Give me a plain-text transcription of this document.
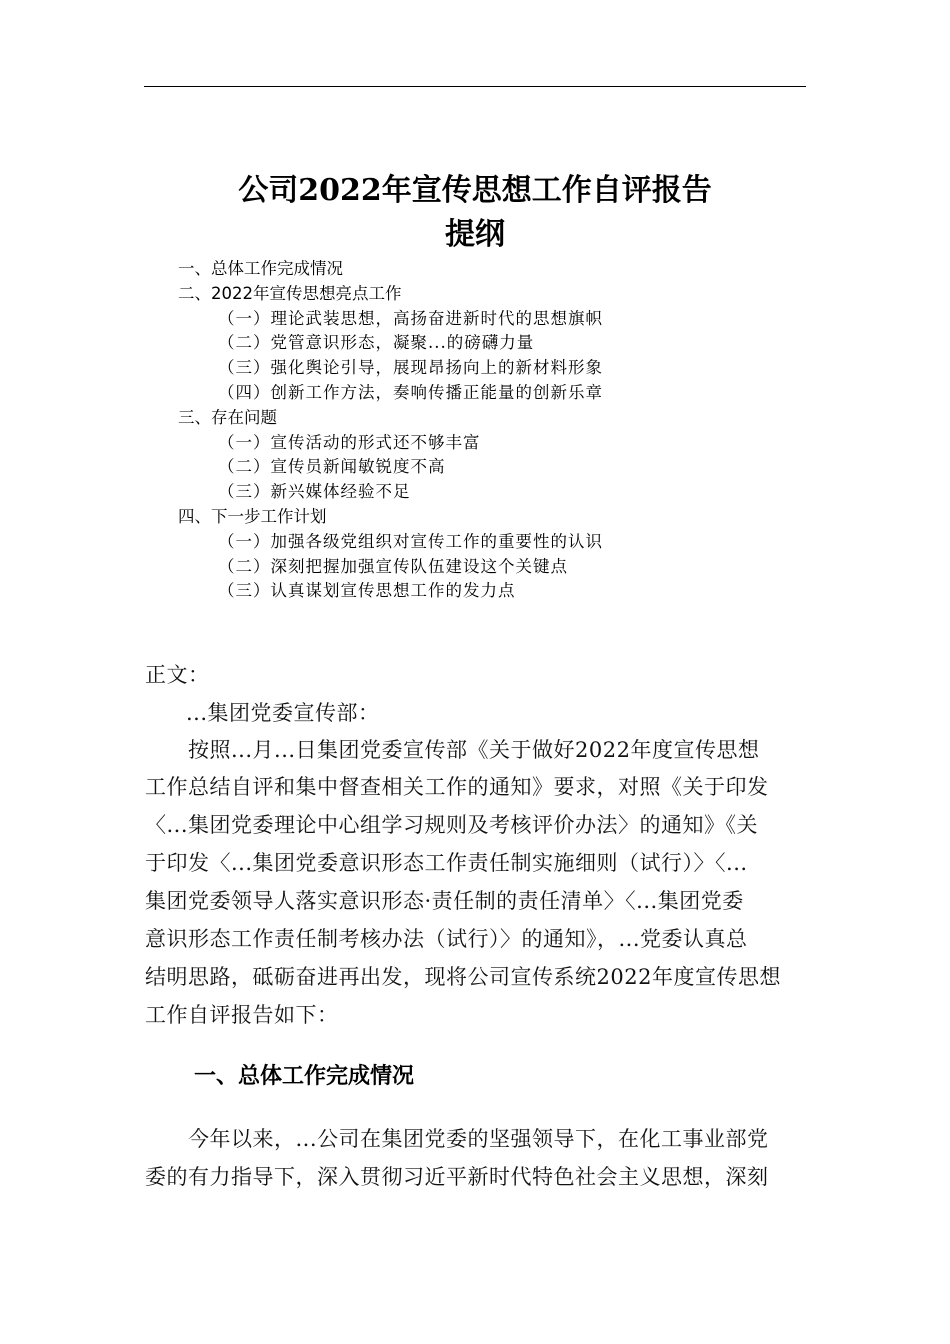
公司2022年宣传思想工作自评报告
提纲
一、总体工作完成情况
二、2022年宣传思想亮点工作
（一）理论武装思想，高扬奋进新时代的思想旗帜
（二）党管意识形态，凝聚...的磅礴力量
（三）强化舆论引导，展现昂扬向上的新材料形象
（四）创新工作方法，奏响传播正能量的创新乐章
三、存在问题
（一）宣传活动的形式还不够丰富
（二）宣传员新闻敏锐度不高
（三）新兴媒体经验不足
四、下一步工作计划
（一）加强各级党组织对宣传工作的重要性的认识
（二）深刻把握加强宣传队伍建设这个关键点
（三）认真谋划宣传思想工作的发力点
正文：
...集团党委宣传部：
按照...月...日集团党委宣传部《关于做好2022年度宣传思想
工作总结自评和集中督查相关工作的通知》要求，对照《关于印发
〈...集团党委理论中心组学习规则及考核评价办法〉的通知》《关
于印发〈...集团党委意识形态工作责任制实施细则（试行）〉〈...
集团党委领导人落实意识形态·责任制的责任清单〉〈...集团党委
意识形态工作责任制考核办法（试行）〉的通知》，...党委认真总
结明思路，砥砺奋进再出发，现将公司宣传系统2022年度宣传思想
工作自评报告如下：
一、总体工作完成情况
今年以来，...公司在集团党委的坚强领导下，在化工事业部党
委的有力指导下，深入贯彻习近平新时代特色社会主义思想，深刻
